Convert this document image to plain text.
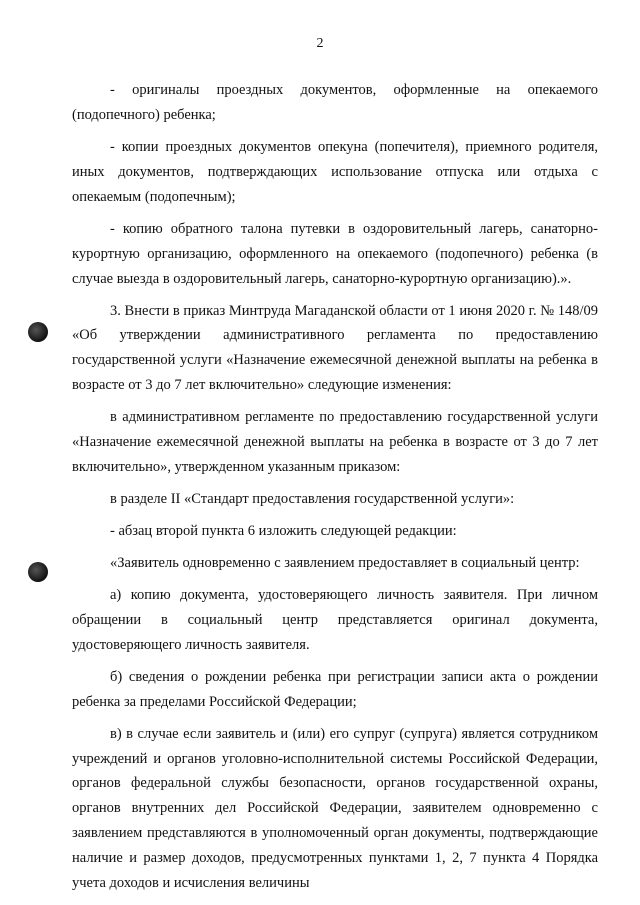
2

- оригиналы проездных документов, оформленные на опекаемого (подопечного) ребенка;

- копии проездных документов опекуна (попечителя), приемного родителя, иных документов, подтверждающих использование отпуска или отдыха с опекаемым (подопечным);

- копию обратного талона путевки в оздоровительный лагерь, санаторно-курортную организацию, оформленного на опекаемого (подопечного) ребенка (в случае выезда в оздоровительный лагерь, санаторно-курортную организацию).».

3. Внести в приказ Минтруда Магаданской области от 1 июня 2020 г. № 148/09 «Об утверждении административного регламента по предоставлению государственной услуги «Назначение ежемесячной денежной выплаты на ребенка в возрасте от 3 до 7 лет включительно» следующие изменения:

в административном регламенте по предоставлению государственной услуги «Назначение ежемесячной денежной выплаты на ребенка в возрасте от 3 до 7 лет включительно», утвержденном указанным приказом:

в разделе II «Стандарт предоставления государственной услуги»:

- абзац второй пункта 6 изложить следующей редакции:

«Заявитель одновременно с заявлением предоставляет в социальный центр:

а) копию документа, удостоверяющего личность заявителя. При личном обращении в социальный центр представляется оригинал документа, удостоверяющего личность заявителя.

б) сведения о рождении ребенка при регистрации записи акта о рождении ребенка за пределами Российской Федерации;

в) в случае если заявитель и (или) его супруг (супруга) является сотрудником учреждений и органов уголовно-исполнительной системы Российской Федерации, органов федеральной службы безопасности, органов государственной охраны, органов внутренних дел Российской Федерации, заявителем одновременно с заявлением представляются в уполномоченный орган документы, подтверждающие наличие и размер доходов, предусмотренных пунктами 1, 2, 7 пункта 4 Порядка учета доходов и исчисления величины
